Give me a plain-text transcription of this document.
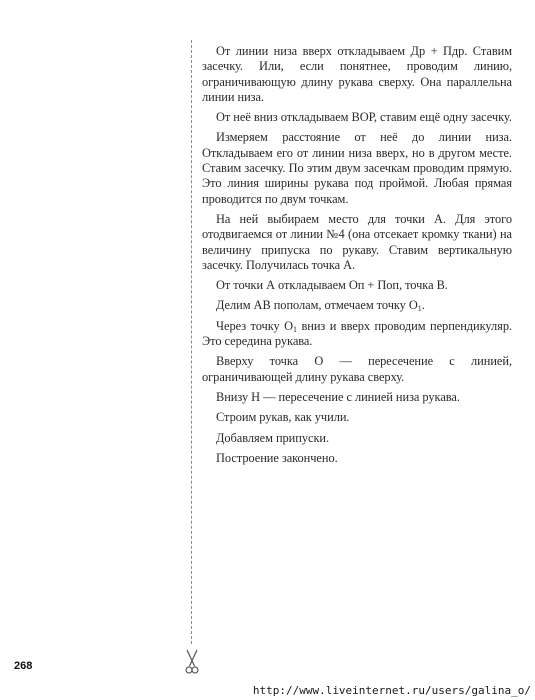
От линии низа вверх откладываем Др + Пдр. Ставим засечку. Или, если понятнее, проводим линию, ограничивающую длину рукава сверху. Она параллельна линии низа.

От неё вниз откладываем ВОР, ставим ещё одну засечку.

Измеряем расстояние от неё до линии низа. Откладываем его от линии низа вверх, но в другом месте. Ставим засечку. По этим двум засечкам проводим прямую. Это линия ширины рукава под проймой. Любая прямая проводится по двум точкам.

На ней выбираем место для точки А. Для этого отодвигаемся от линии №4 (она отсекает кромку ткани) на величину припуска по рукаву. Ставим вертикальную засечку. Получилась точка А.

От точки А откладываем Оп + Поп, точка В.

Делим АВ пополам, отмечаем точку $О_1$.

Через точку $О_1$ вниз и вверх проводим перпендикуляр. Это середина рукава.

Вверху точка О — пересечение с линией, ограничивающей длину рукава сверху.

Внизу Н — пересечение с линией низа рукава.

Строим рукав, как учили.

Добавляем припуски.

Построение закончено.

268
http://www.liveinternet.ru/users/galina_o/
